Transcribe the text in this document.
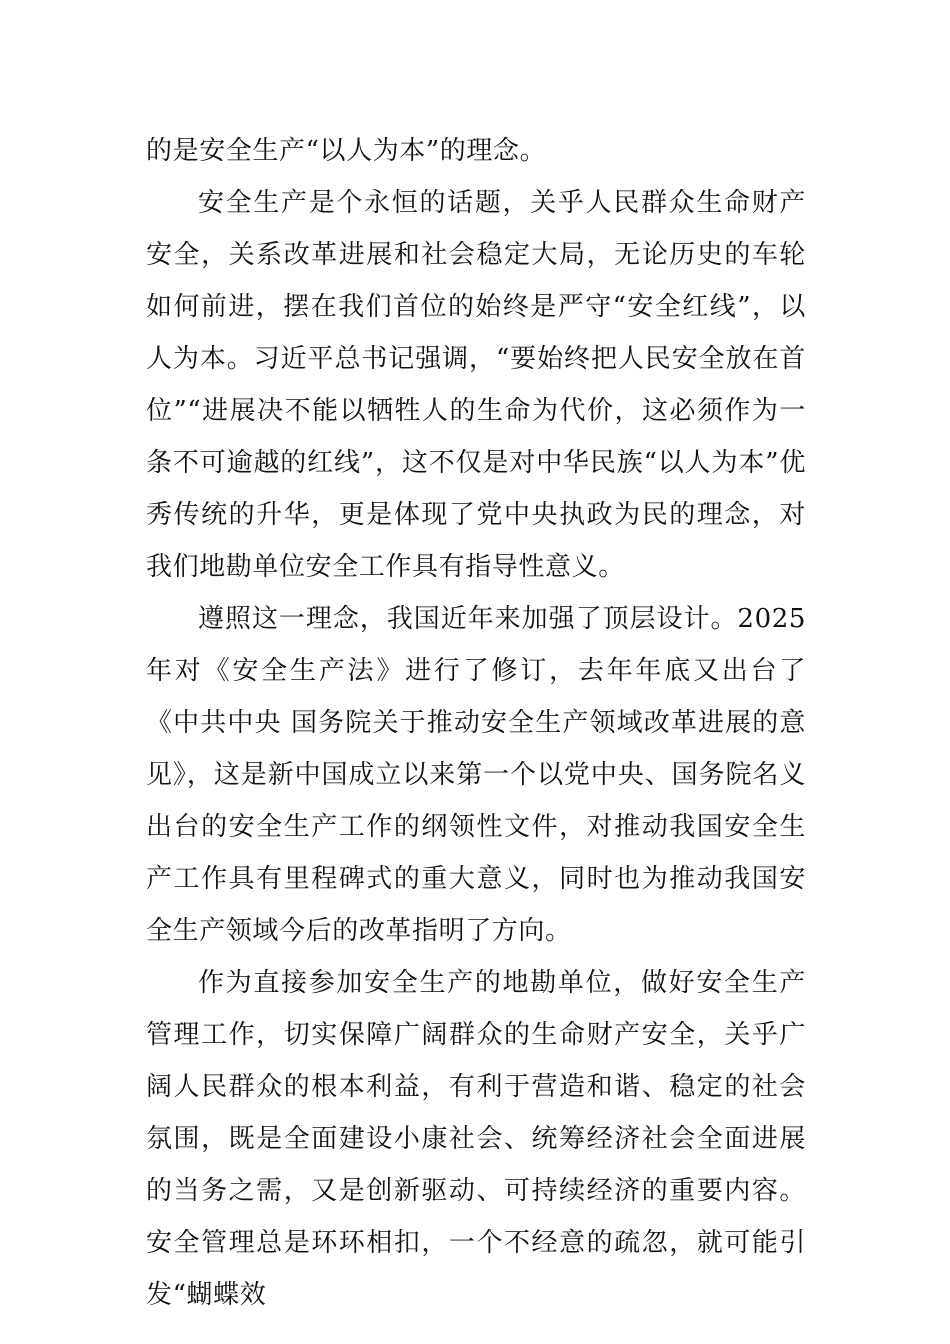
的是安全生产“以人为本”的理念。

安全生产是个永恒的话题，关乎人民群众生命财产安全，关系改革进展和社会稳定大局，无论历史的车轮如何前进，摆在我们首位的始终是严守“安全红线”，以人为本。习近平总书记强调，“要始终把人民安全放在首位”“进展决不能以牺牲人的生命为代价，这必须作为一条不可逾越的红线”，这不仅是对中华民族“以人为本”优秀传统的升华，更是体现了党中央执政为民的理念，对我们地勘单位安全工作具有指导性意义。

遵照这一理念，我国近年来加强了顶层设计。2025年对《安全生产法》进行了修订，去年年底又出台了《中共中央 国务院关于推动安全生产领域改革进展的意见》，这是新中国成立以来第一个以党中央、国务院名义出台的安全生产工作的纲领性文件，对推动我国安全生产工作具有里程碑式的重大意义，同时也为推动我国安全生产领域今后的改革指明了方向。

作为直接参加安全生产的地勘单位，做好安全生产管理工作，切实保障广阔群众的生命财产安全，关乎广阔人民群众的根本利益，有利于营造和谐、稳定的社会氛围，既是全面建设小康社会、统筹经济社会全面进展的当务之需，又是创新驱动、可持续经济的重要内容。安全管理总是环环相扣，一个不经意的疏忽，就可能引发“蝴蝶效
